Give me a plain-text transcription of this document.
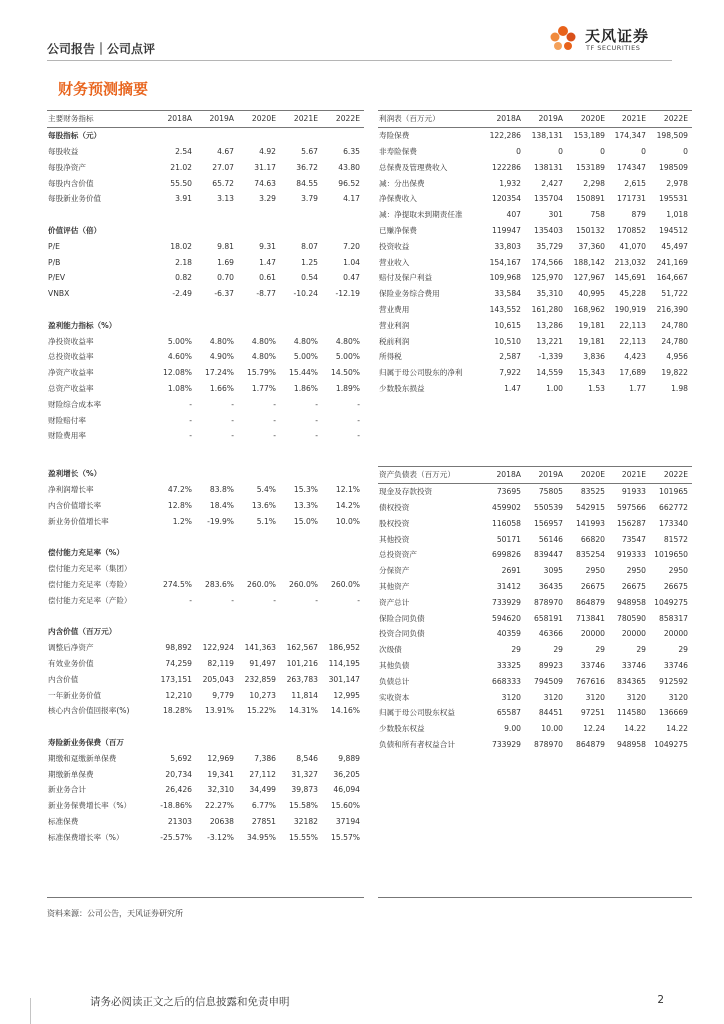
公司报告｜公司点评
天风证券
TF SECURITIES
财务预测摘要
主要财务指标	2018A	2019A	2020E	2021E	2022E
每股指标（元）					
每股收益	2.54	4.67	4.92	5.67	6.35
每股净资产	21.02	27.07	31.17	36.72	43.80
每股内含价值	55.50	65.72	74.63	84.55	96.52
每股新业务价值	3.91	3.13	3.29	3.79	4.17

价值评估（倍）					
P/E	18.02	9.81	9.31	8.07	7.20
P/B	2.18	1.69	1.47	1.25	1.04
P/EV	0.82	0.70	0.61	0.54	0.47
VNBX	-2.49	-6.37	-8.77	-10.24	-12.19

盈利能力指标（%）					
净投资收益率	5.00%	4.80%	4.80%	4.80%	4.80%
总投资收益率	4.60%	4.90%	4.80%	5.00%	5.00%
净资产收益率	12.08%	17.24%	15.79%	15.44%	14.50%
总资产收益率	1.08%	1.66%	1.77%	1.86%	1.89%
财险综合成本率	-	-	-	-	-
财险赔付率	-	-	-	-	-
财险费用率	-	-	-	-	-
利润表（百万元）	2018A	2019A	2020E	2021E	2022E
寿险保费	122,286	138,131	153,189	174,347	198,509
非寿险保费	0	0	0	0	0
总保费及管理费收入	122286	138131	153189	174347	198509
减：分出保费	1,932	2,427	2,298	2,615	2,978
净保费收入	120354	135704	150891	171731	195531
减：净提取未到期责任准	407	301	758	879	1,018
已赚净保费	119947	135403	150132	170852	194512
投资收益	33,803	35,729	37,360	41,070	45,497
营业收入	154,167	174,566	188,142	213,032	241,169
赔付及保户利益	109,968	125,970	127,967	145,691	164,667
保险业务综合费用	33,584	35,310	40,995	45,228	51,722
营业费用	143,552	161,280	168,962	190,919	216,390
营业利润	10,615	13,286	19,181	22,113	24,780
税前利润	10,510	13,221	19,181	22,113	24,780
所得税	2,587	-1,339	3,836	4,423	4,956
归属于母公司股东的净利	7,922	14,559	15,343	17,689	19,822
少数股东损益	1.47	1.00	1.53	1.77	1.98
盈利增长（%）					
净利润增长率	47.2%	83.8%	5.4%	15.3%	12.1%
内含价值增长率	12.8%	18.4%	13.6%	13.3%	14.2%
新业务价值增长率	1.2%	-19.9%	5.1%	15.0%	10.0%

偿付能力充足率（%）					
偿付能力充足率（集团）					
偿付能力充足率（寿险）	274.5%	283.6%	260.0%	260.0%	260.0%
偿付能力充足率（产险）	-	-	-	-	-

内含价值（百万元）					
调整后净资产	98,892	122,924	141,363	162,567	186,952
有效业务价值	74,259	82,119	91,497	101,216	114,195
内含价值	173,151	205,043	232,859	263,783	301,147
一年新业务价值	12,210	9,779	10,273	11,814	12,995
核心内含价值回报率(%)	18.28%	13.91%	15.22%	14.31%	14.16%

寿险新业务保费（百万					
期缴和趸缴新单保费	5,692	12,969	7,386	8,546	9,889
期缴新单保费	20,734	19,341	27,112	31,327	36,205
新业务合计	26,426	32,310	34,499	39,873	46,094
新业务保费增长率（%）	-18.86%	22.27%	6.77%	15.58%	15.60%
标准保费	21303	20638	27851	32182	37194
标准保费增长率（%）	-25.57%	-3.12%	34.95%	15.55%	15.57%
资产负债表（百万元）	2018A	2019A	2020E	2021E	2022E
现金及存款投资	73695	75805	83525	91933	101965
债权投资	459902	550539	542915	597566	662772
股权投资	116058	156957	141993	156287	173340
其他投资	50171	56146	66820	73547	81572
总投资资产	699826	839447	835254	919333	1019650
分保资产	2691	3095	2950	2950	2950
其他资产	31412	36435	26675	26675	26675
资产总计	733929	878970	864879	948958	1049275
保险合同负债	594620	658191	713841	780590	858317
投资合同负债	40359	46366	20000	20000	20000
次级债	29	29	29	29	29
其他负债	33325	89923	33746	33746	33746
负债总计	668333	794509	767616	834365	912592
实收资本	3120	3120	3120	3120	3120
归属于母公司股东权益	65587	84451	97251	114580	136669
少数股东权益	9.00	10.00	12.24	14.22	14.22
负债和所有者权益合计	733929	878970	864879	948958	1049275
资料来源：公司公告，天风证券研究所
请务必阅读正文之后的信息披露和免责申明	2
